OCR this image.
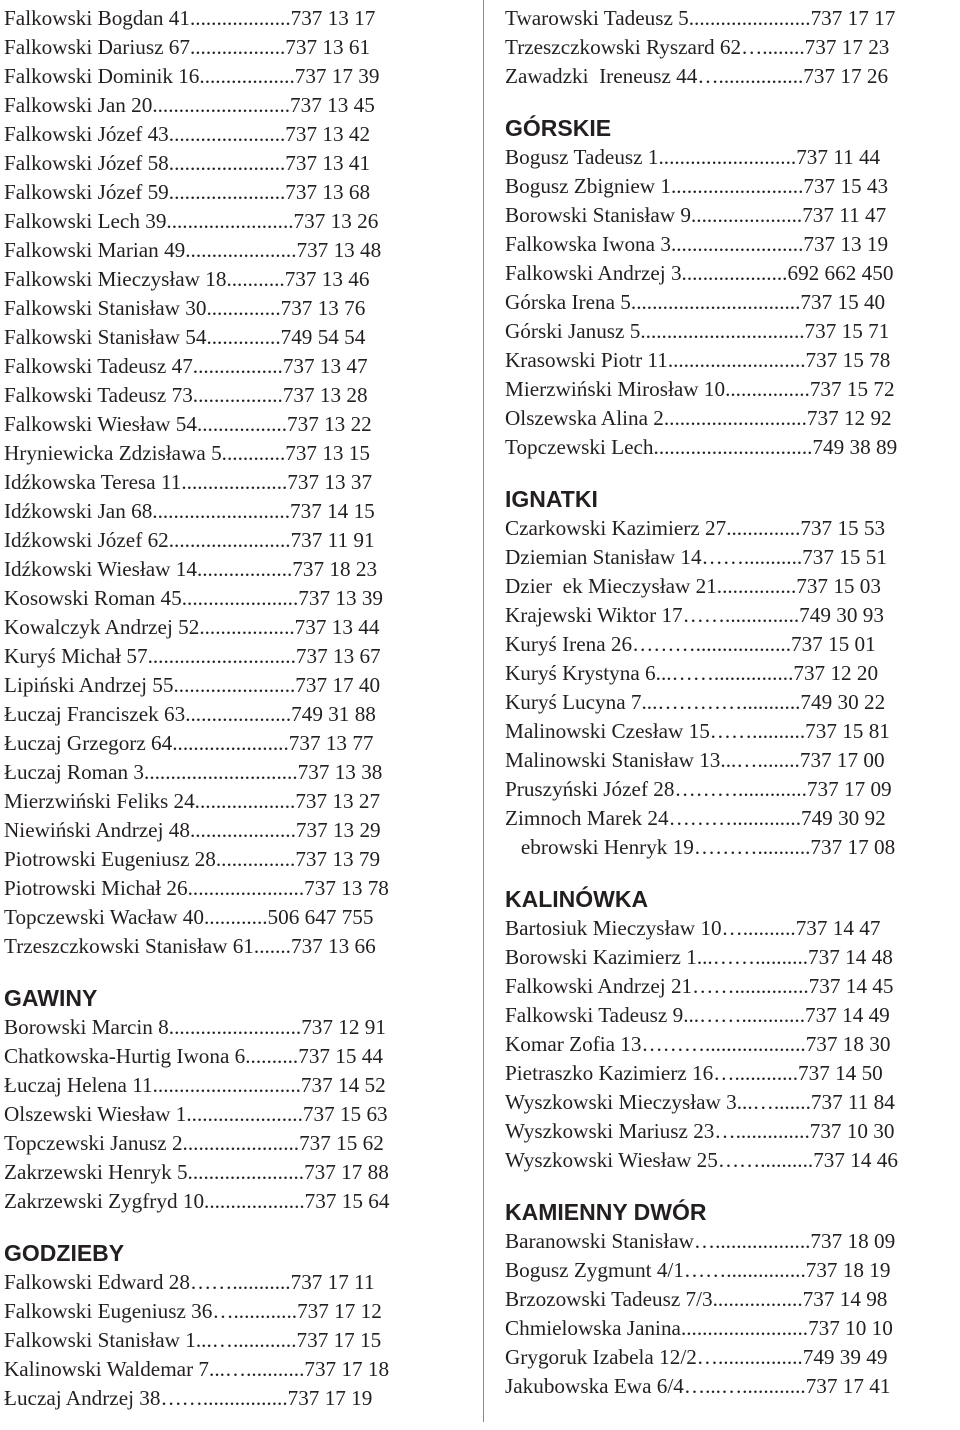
Falkowski Bogdan 41...................737 13 17
Falkowski Dariusz 67..................737 13 61
Falkowski Dominik 16..................737 17 39
Falkowski Jan 20..........................737 13 45
Falkowski Józef 43......................737 13 42
Falkowski Józef 58......................737 13 41
Falkowski Józef 59......................737 13 68
Falkowski Lech 39........................737 13 26
Falkowski Marian 49.....................737 13 48
Falkowski Mieczysław 18...........737 13 46
Falkowski Stanisław 30..............737 13 76
Falkowski Stanisław 54..............749 54 54
Falkowski Tadeusz 47.................737 13 47
Falkowski Tadeusz 73.................737 13 28
Falkowski Wiesław 54.................737 13 22
Hryniewicka Zdzisława 5............737 13 15
Idźkowska Teresa 11....................737 13 37
Idźkowski Jan 68..........................737 14 15
Idźkowski Józef 62.......................737 11 91
Idźkowski Wiesław 14..................737 18 23
Kosowski Roman 45......................737 13 39
Kowalczyk Andrzej 52..................737 13 44
Kuryś Michał 57............................737 13 67
Lipiński Andrzej 55.......................737 17 40
Łuczaj Franciszek 63....................749 31 88
Łuczaj Grzegorz 64......................737 13 77
Łuczaj Roman 3.............................737 13 38
Mierzwiński Feliks 24...................737 13 27
Niewiński Andrzej 48....................737 13 29
Piotrowski Eugeniusz 28...............737 13 79
Piotrowski Michał 26......................737 13 78
Topczewski Wacław 40............506 647 755
Trzeszczkowski Stanisław 61.......737 13 66
GAWINY
Borowski Marcin 8.........................737 12 91
Chatkowska-Hurtig Iwona 6..........737 15 44
Łuczaj Helena 11............................737 14 52
Olszewski Wiesław 1......................737 15 63
Topczewski Janusz 2......................737 15 62
Zakrzewski Henryk 5......................737 17 88
Zakrzewski Zygfryd 10...................737 15 64
GODZIEBY
Falkowski Edward 28……...........737 17 11
Falkowski Eugeniusz 36…............737 17 12
Falkowski Stanisław 1...…............737 17 15
Kalinowski Waldemar 7...…...........737 17 18
Łuczaj Andrzej 38……................737 17 19
Twarowski Tadeusz 5.......................737 17 17
Trzeszczkowski Ryszard 62…........737 17 23
Zawadzki  Ireneusz 44…................737 17 26
GÓRSKIE
Bogusz Tadeusz 1..........................737 11 44
Bogusz Zbigniew 1.........................737 15 43
Borowski Stanisław 9.....................737 11 47
Falkowska Iwona 3.........................737 13 19
Falkowski Andrzej 3....................692 662 450
Górska Irena 5................................737 15 40
Górski Janusz 5...............................737 15 71
Krasowski Piotr 11..........................737 15 78
Mierzwiński Mirosław 10................737 15 72
Olszewska Alina 2...........................737 12 92
Topczewski Lech..............................749 38 89
IGNATKI
Czarkowski Kazimierz 27..............737 15 53
Dziemian Stanisław 14……...........737 15 51
Dzier  ek Mieczysław 21...............737 15 03
Krajewski Wiktor 17……..............749 30 93
Kuryś Irena 26………..................737 15 01
Kuryś Krystyna 6...……...............737 12 20
Kuryś Lucyna 7...…………...........749 30 22
Malinowski Czesław 15……..........737 15 81
Malinowski Stanisław 13...…........737 17 00
Pruszyński Józef 28……….............737 17 09
Zimnoch Marek 24……….............749 30 92
ebrowski Henryk 19………..........737 17 08
KALINÓWKA
Bartosiuk Mieczysław 10…..........737 14 47
Borowski Kazimierz 1...……..........737 14 48
Falkowski Andrzej 21……..............737 14 45
Falkowski Tadeusz 9...……............737 14 49
Komar Zofia 13………...................737 18 30
Pietraszko Kazimierz 16…............737 14 50
Wyszkowski Mieczysław 3...….......737 11 84
Wyszkowski Mariusz 23…..............737 10 30
Wyszkowski Wiesław 25……..........737 14 46
KAMIENNY DWÓR
Baranowski Stanisław…..................737 18 09
Bogusz Zygmunt 4/1……...............737 18 19
Brzozowski Tadeusz 7/3.................737 14 98
Chmielowska Janina........................737 10 10
Grygoruk Izabela 12/2…................749 39 49
Jakubowska Ewa 6/4…...…............737 17 41
